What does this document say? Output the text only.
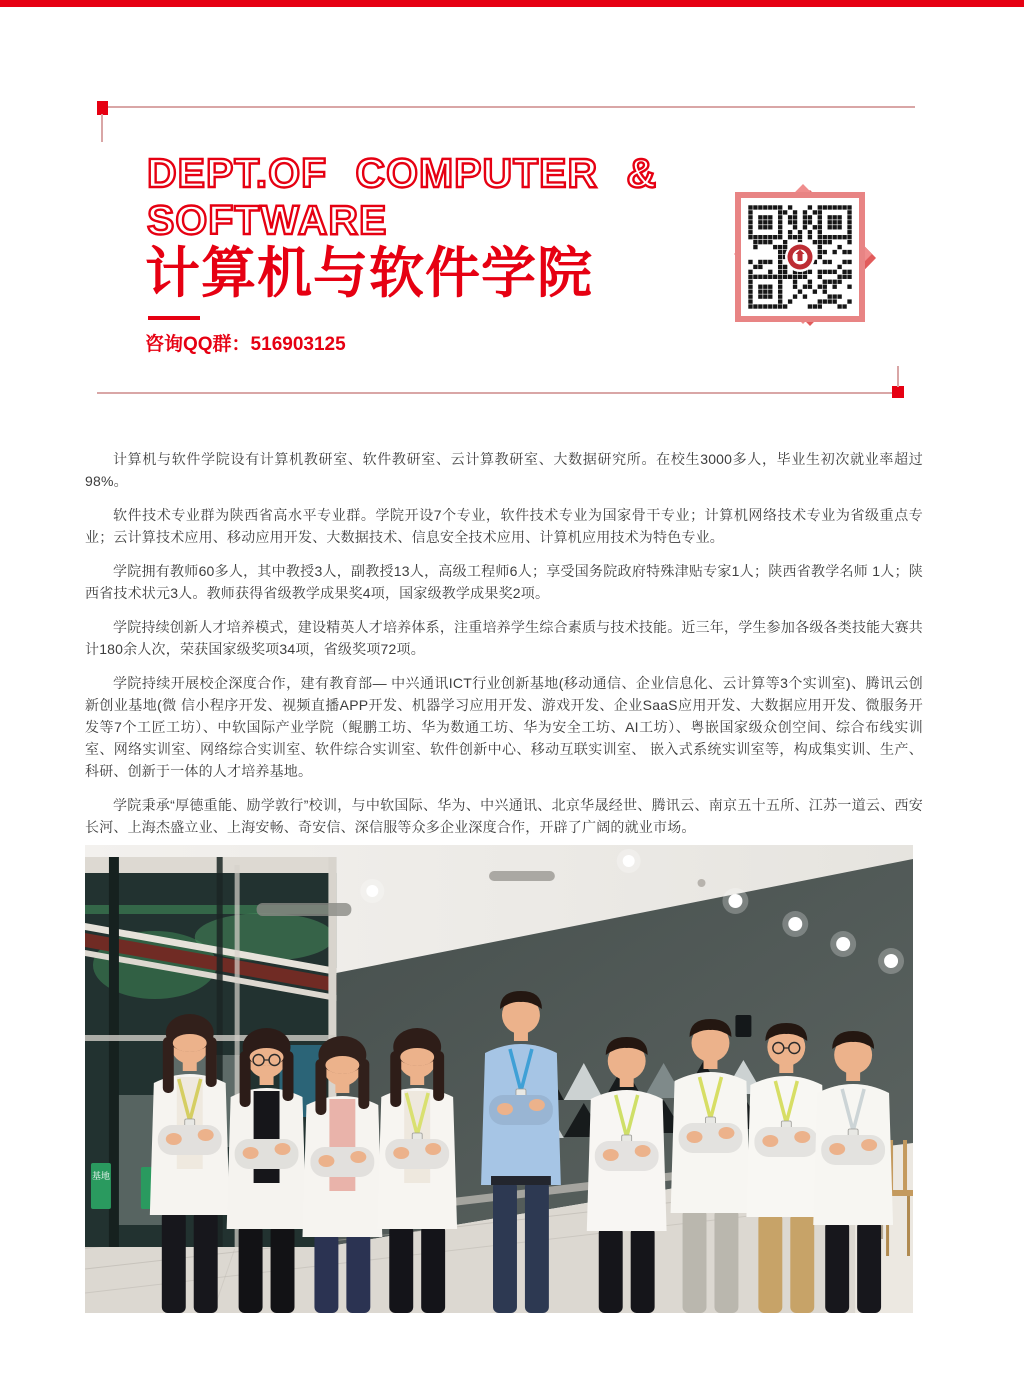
DEPT.OF COMPUTER &
SOFTWARE
计算机与软件学院
咨询QQ群：516903125

计算机与软件学院设有计算机教研室、软件教研室、云计算教研室、大数据研究所。在校生3000多人，毕业生初次就业率超过98%。

软件技术专业群为陕西省高水平专业群。学院开设7个专业，软件技术专业为国家骨干专业；计算机网络技术专业为省级重点专业；云计算技术应用、移动应用开发、大数据技术、信息安全技术应用、计算机应用技术为特色专业。

学院拥有教师60多人，其中教授3人，副教授13人，高级工程师6人；享受国务院政府特殊津贴专家1人；陕西省教学名师 1人；陕西省技术状元3人。教师获得省级教学成果奖4项，国家级教学成果奖2项。

学院持续创新人才培养模式，建设精英人才培养体系，注重培养学生综合素质与技术技能。近三年，学生参加各级各类技能大赛共计180余人次，荣获国家级奖项34项，省级奖项72项。

学院持续开展校企深度合作，建有教育部— 中兴通讯ICT行业创新基地(移动通信、企业信息化、云计算等3个实训室)、腾讯云创新创业基地(微 信小程序开发、视频直播APP开发、机器学习应用开发、游戏开发、企业SaaS应用开发、大数据应用开发、微服务开发等7个工匠工坊）、中软国际产业学院（鲲鹏工坊、华为数通工坊、华为安全工坊、AI工坊）、粤嵌国家级众创空间、综合布线实训室、网络实训室、网络综合实训室、软件综合实训室、软件创新中心、移动互联实训室、 嵌入式系统实训室等，构成集实训、生产、科研、创新于一体的人才培养基地。

学院秉承“厚德重能、励学敦行”校训，与中软国际、华为、中兴通讯、北京华晟经世、腾讯云、南京五十五所、江苏一道云、西安长河、上海杰盛立业、上海安畅、奇安信、深信服等众多企业深度合作，开辟了广阔的就业市场。

基地
